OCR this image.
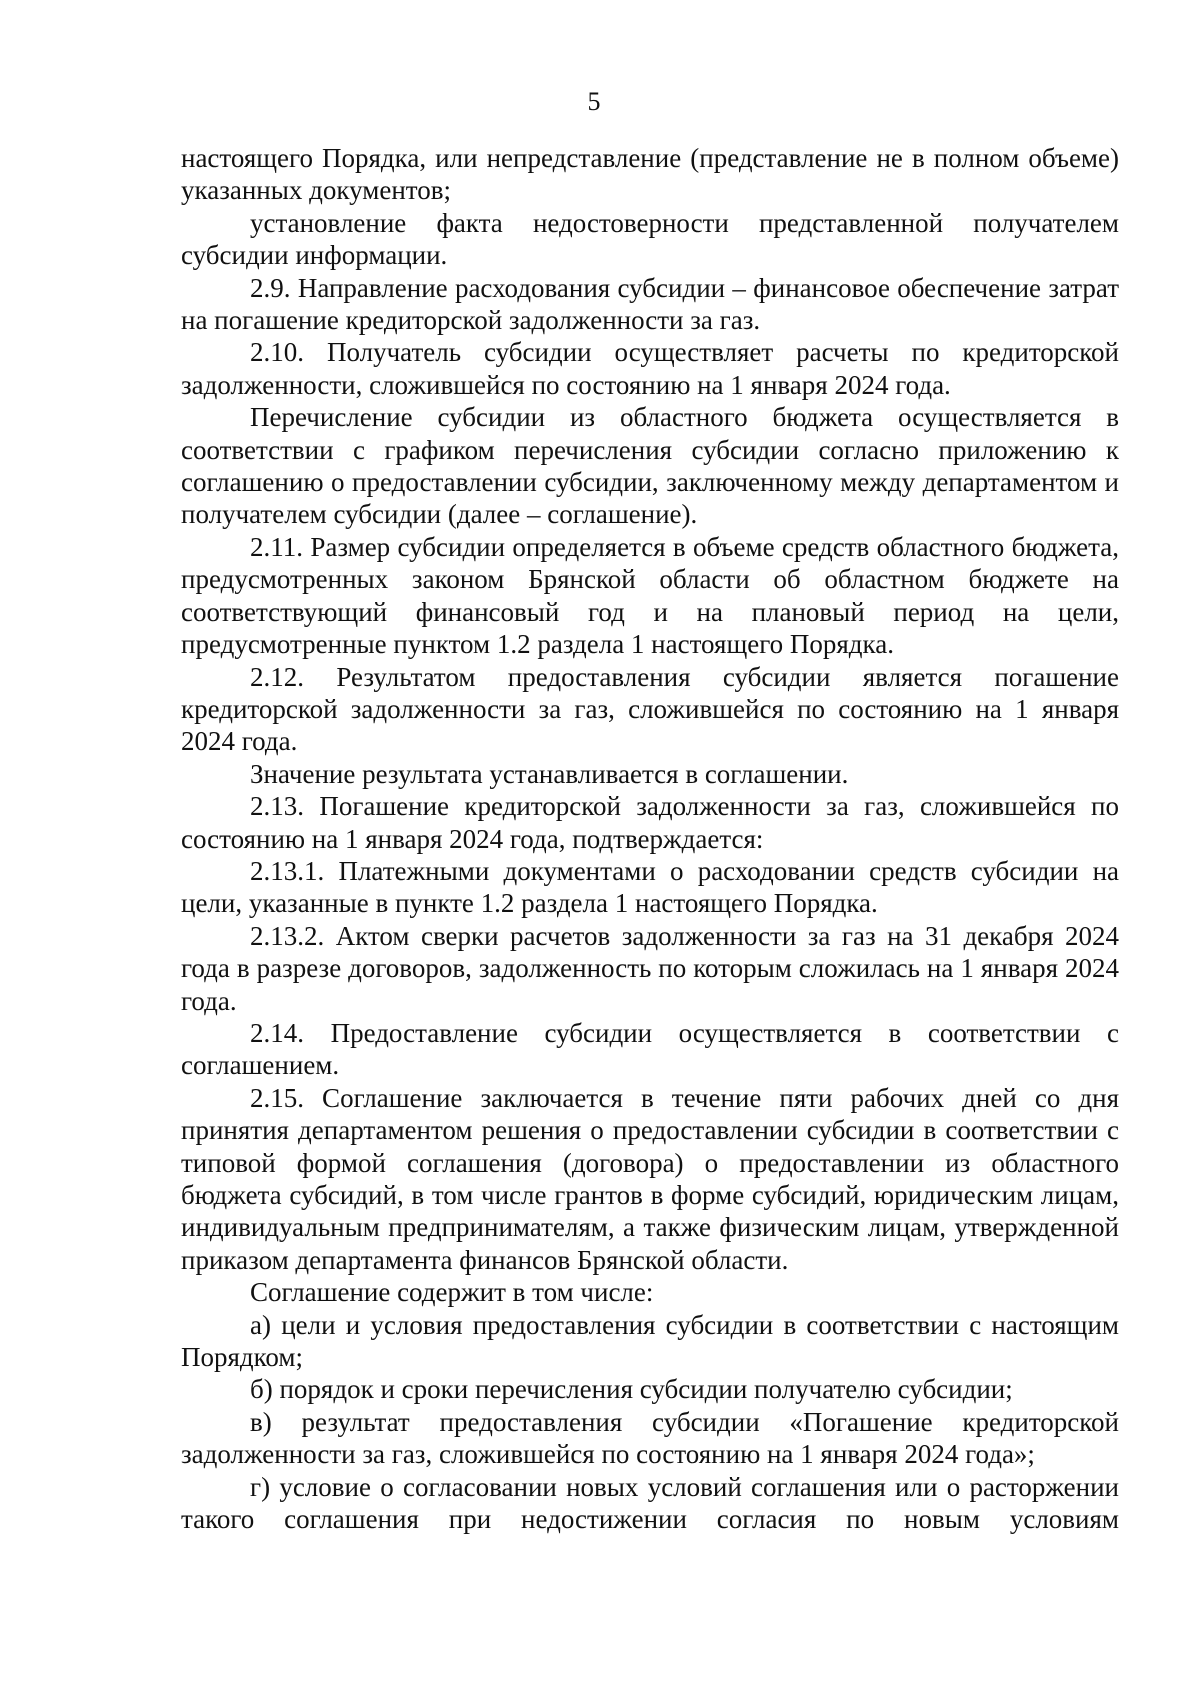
5

настоящего Порядка, или непредставление (представление не в полном объеме) указанных документов;

установление факта недостоверности представленной получателем субсидии информации.

2.9. Направление расходования субсидии – финансовое обеспечение затрат на погашение кредиторской задолженности за газ.

2.10. Получатель субсидии осуществляет расчеты по кредиторской задолженности, сложившейся по состоянию на 1 января 2024 года.

Перечисление субсидии из областного бюджета осуществляется в соответствии с графиком перечисления субсидии согласно приложению к соглашению о предоставлении субсидии, заключенному между департаментом и получателем субсидии (далее – соглашение).

2.11. Размер субсидии определяется в объеме средств областного бюджета, предусмотренных законом Брянской области об областном бюджете на соответствующий финансовый год и на плановый период на цели, предусмотренные пунктом 1.2 раздела 1 настоящего Порядка.

2.12. Результатом предоставления субсидии является погашение кредиторской задолженности за газ, сложившейся по состоянию на 1 января 2024 года.

Значение результата устанавливается в соглашении.

2.13. Погашение кредиторской задолженности за газ, сложившейся по состоянию на 1 января 2024 года, подтверждается:

2.13.1. Платежными документами о расходовании средств субсидии на цели, указанные в пункте 1.2 раздела 1 настоящего Порядка.

2.13.2. Актом сверки расчетов задолженности за газ на 31 декабря 2024 года в разрезе договоров, задолженность по которым сложилась на 1 января 2024 года.

2.14. Предоставление субсидии осуществляется в соответствии с соглашением.

2.15. Соглашение заключается в течение пяти рабочих дней со дня принятия департаментом решения о предоставлении субсидии в соответствии с типовой формой соглашения (договора) о предоставлении из областного бюджета субсидий, в том числе грантов в форме субсидий, юридическим лицам, индивидуальным предпринимателям, а также физическим лицам, утвержденной приказом департамента финансов Брянской области.

Соглашение содержит в том числе:

а) цели и условия предоставления субсидии в соответствии с настоящим Порядком;

б) порядок и сроки перечисления субсидии получателю субсидии;

в) результат предоставления субсидии «Погашение кредиторской задолженности за газ, сложившейся по состоянию на 1 января 2024 года»;

г) условие о согласовании новых условий соглашения или о расторжении такого соглашения при недостижении согласия по новым условиям
